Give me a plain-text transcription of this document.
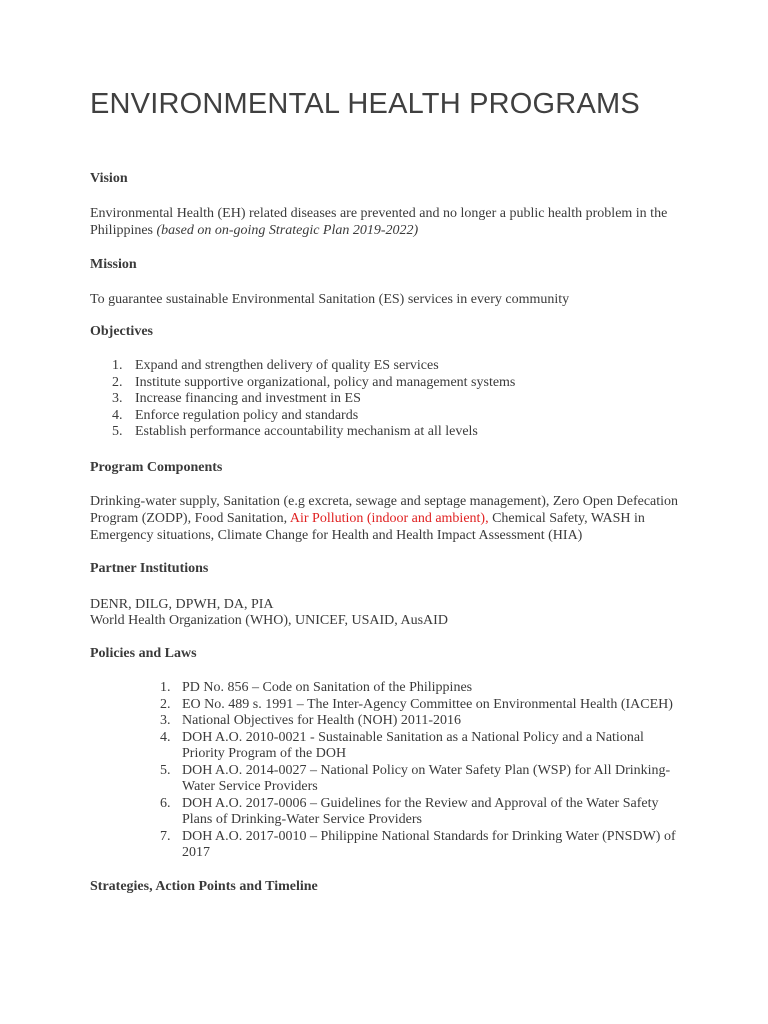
ENVIRONMENTAL HEALTH PROGRAMS
Vision

Environmental Health (EH) related diseases are prevented and no longer a public health problem in the Philippines (based on on-going Strategic Plan 2019-2022)

Mission

To guarantee sustainable Environmental Sanitation (ES) services in every community

Objectives
1. Expand and strengthen delivery of quality ES services
2. Institute supportive organizational, policy and management systems
3. Increase financing and investment in ES
4. Enforce regulation policy and standards
5. Establish performance accountability mechanism at all levels
Program Components

Drinking-water supply, Sanitation (e.g excreta, sewage and septage management), Zero Open Defecation Program (ZODP), Food Sanitation, Air Pollution (indoor and ambient), Chemical Safety, WASH in Emergency situations, Climate Change for Health and Health Impact Assessment (HIA)

Partner Institutions

DENR, DILG, DPWH, DA, PIA

World Health Organization (WHO), UNICEF, USAID, AusAID

Policies and Laws
1. PD No. 856 – Code on Sanitation of the Philippines
2. EO No. 489 s. 1991 – The Inter-Agency Committee on Environmental Health (IACEH)
3. National Objectives for Health (NOH) 2011-2016
4. DOH A.O. 2010-0021 - Sustainable Sanitation as a National Policy and a National Priority Program of the DOH
5. DOH A.O. 2014-0027 – National Policy on Water Safety Plan (WSP) for All Drinking-Water Service Providers
6. DOH A.O. 2017-0006 – Guidelines for the Review and Approval of the Water Safety Plans of Drinking-Water Service Providers
7. DOH A.O. 2017-0010 – Philippine National Standards for Drinking Water (PNSDW) of 2017
Strategies, Action Points and Timeline
